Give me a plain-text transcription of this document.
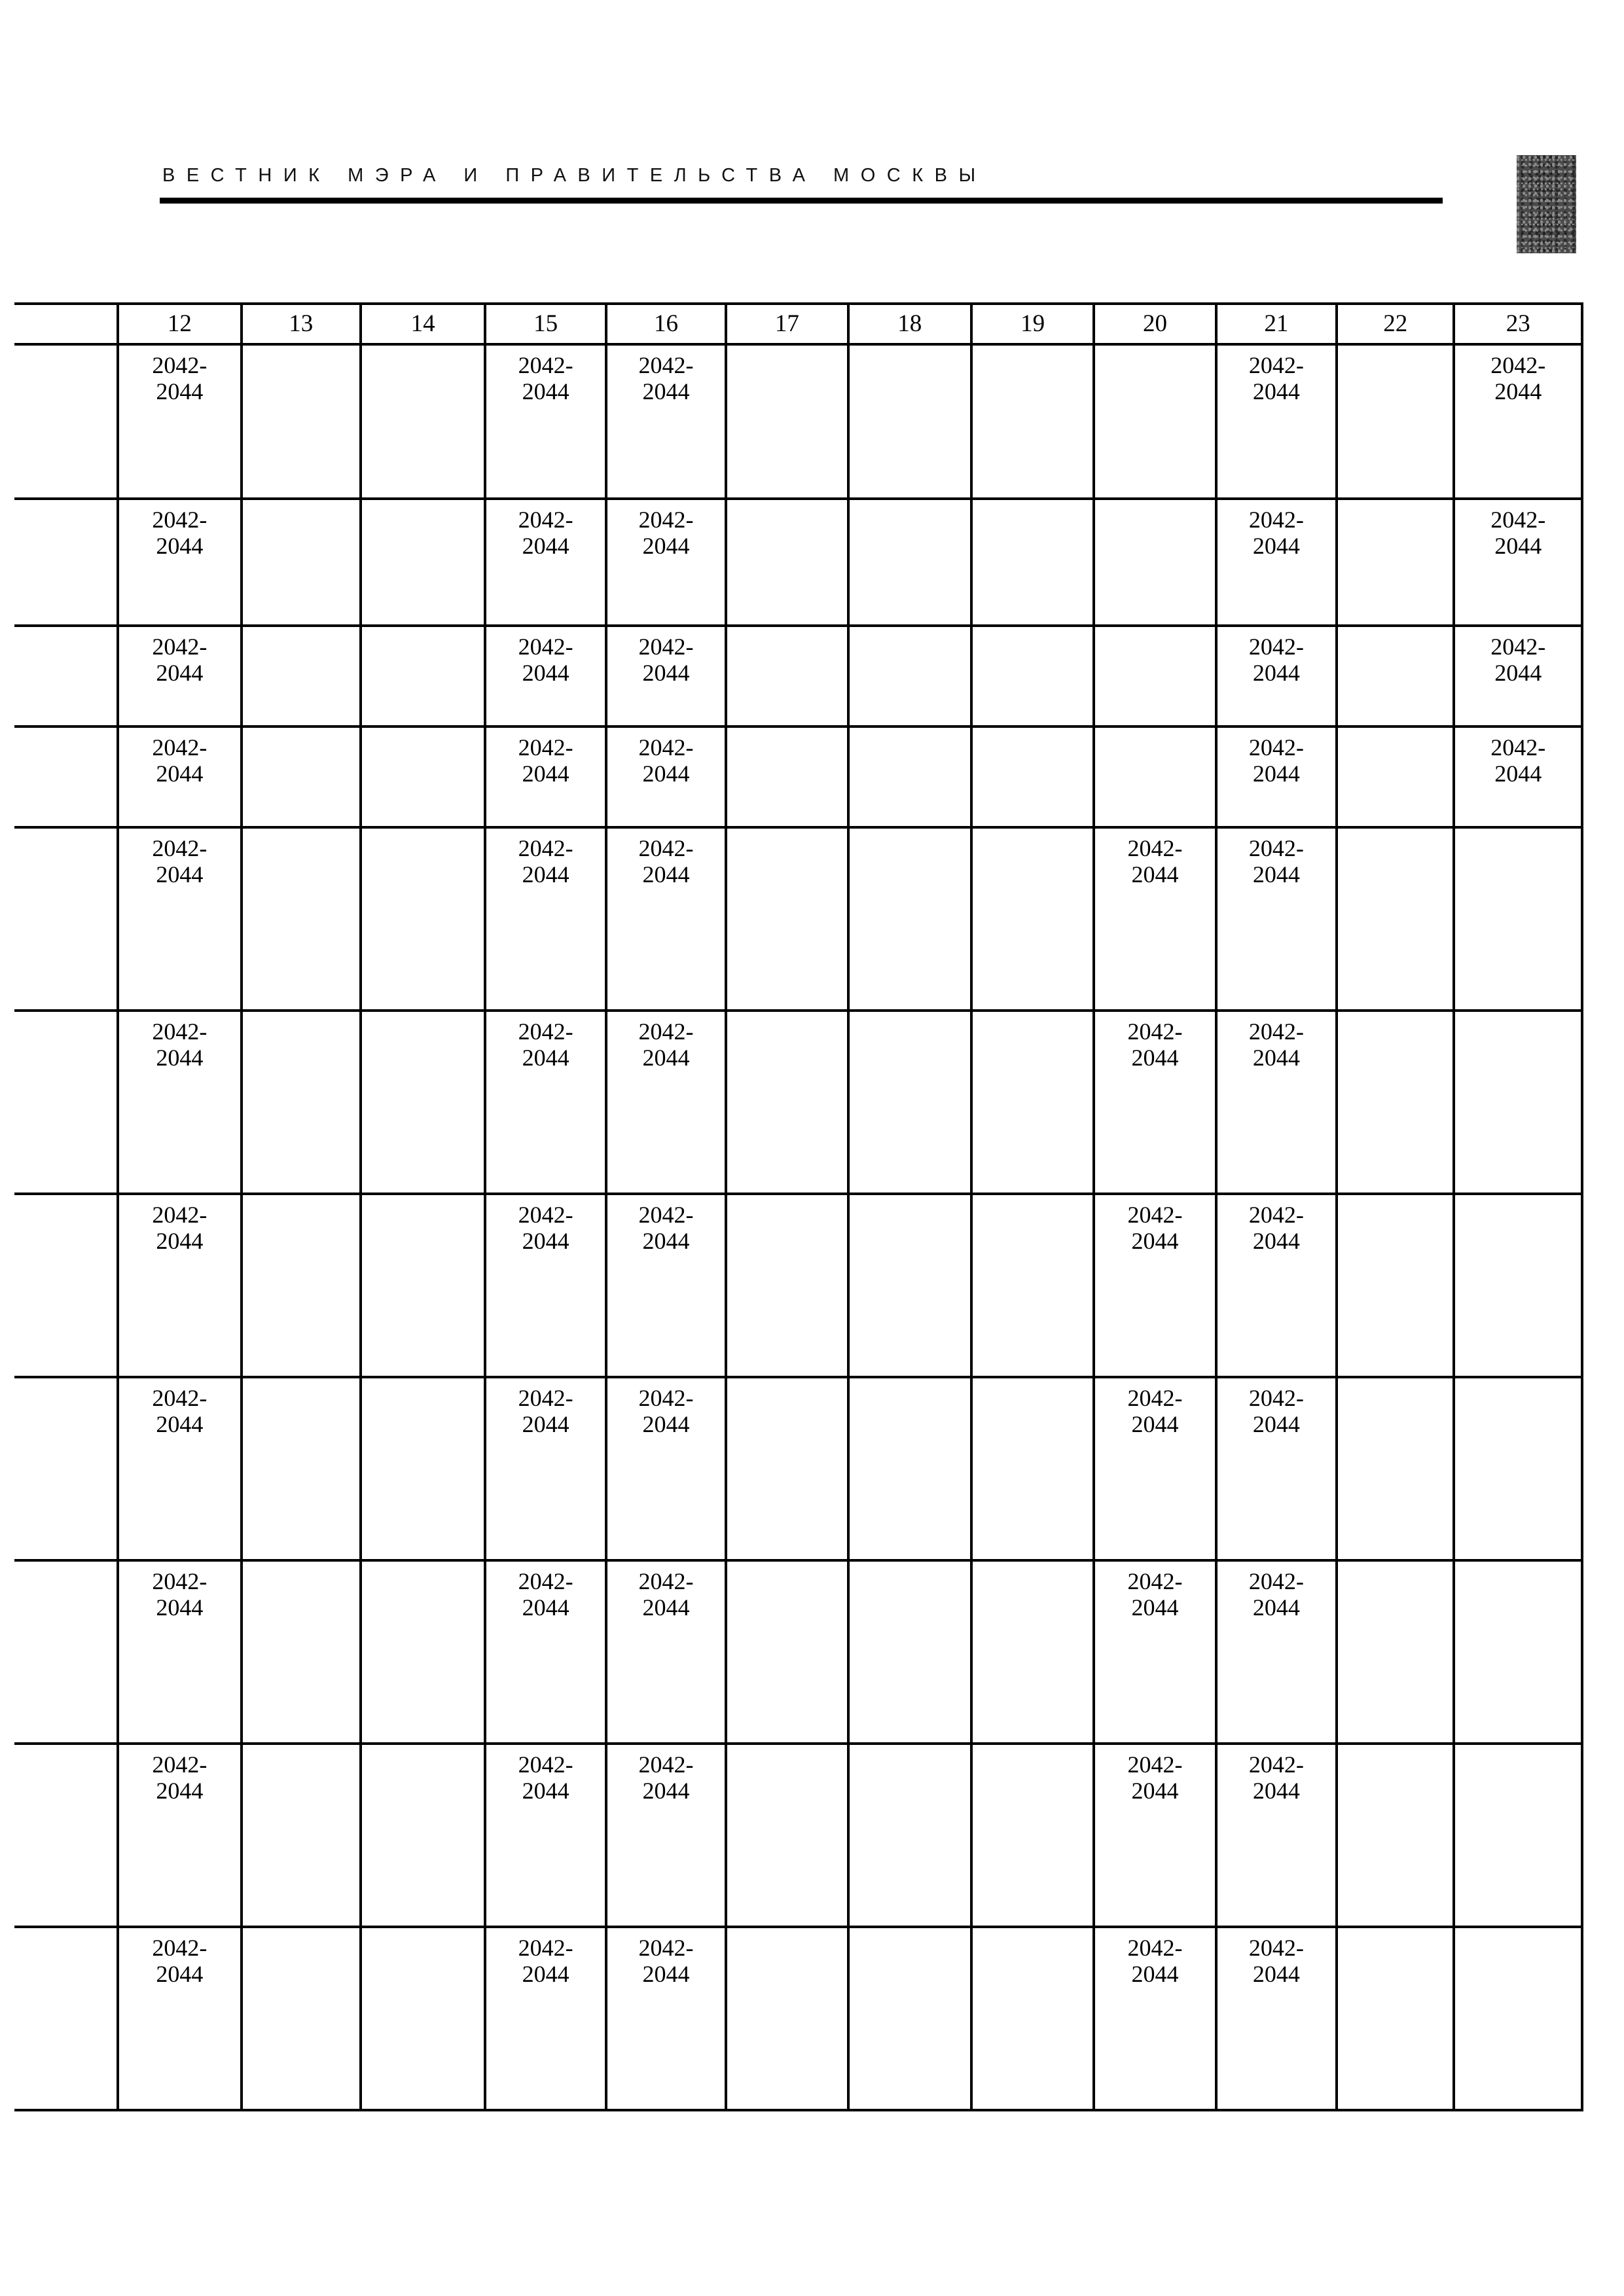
ВЕСТНИК МЭРА И ПРАВИТЕЛЬСТВА МОСКВЫ
	12	13	14	15	16	17	18	19	20	21	22	23

	2042-
2044			2042-
2044	2042-
2044					2042-
2044		2042-
2044

	2042-
2044			2042-
2044	2042-
2044					2042-
2044		2042-
2044

	2042-
2044			2042-
2044	2042-
2044					2042-
2044		2042-
2044

	2042-
2044			2042-
2044	2042-
2044					2042-
2044		2042-
2044

	2042-
2044			2042-
2044	2042-
2044				2042-
2044	2042-
2044		

	2042-
2044			2042-
2044	2042-
2044				2042-
2044	2042-
2044		

	2042-
2044			2042-
2044	2042-
2044				2042-
2044	2042-
2044		

	2042-
2044			2042-
2044	2042-
2044				2042-
2044	2042-
2044		

	2042-
2044			2042-
2044	2042-
2044				2042-
2044	2042-
2044		

	2042-
2044			2042-
2044	2042-
2044				2042-
2044	2042-
2044		

	2042-
2044			2042-
2044	2042-
2044				2042-
2044	2042-
2044		
